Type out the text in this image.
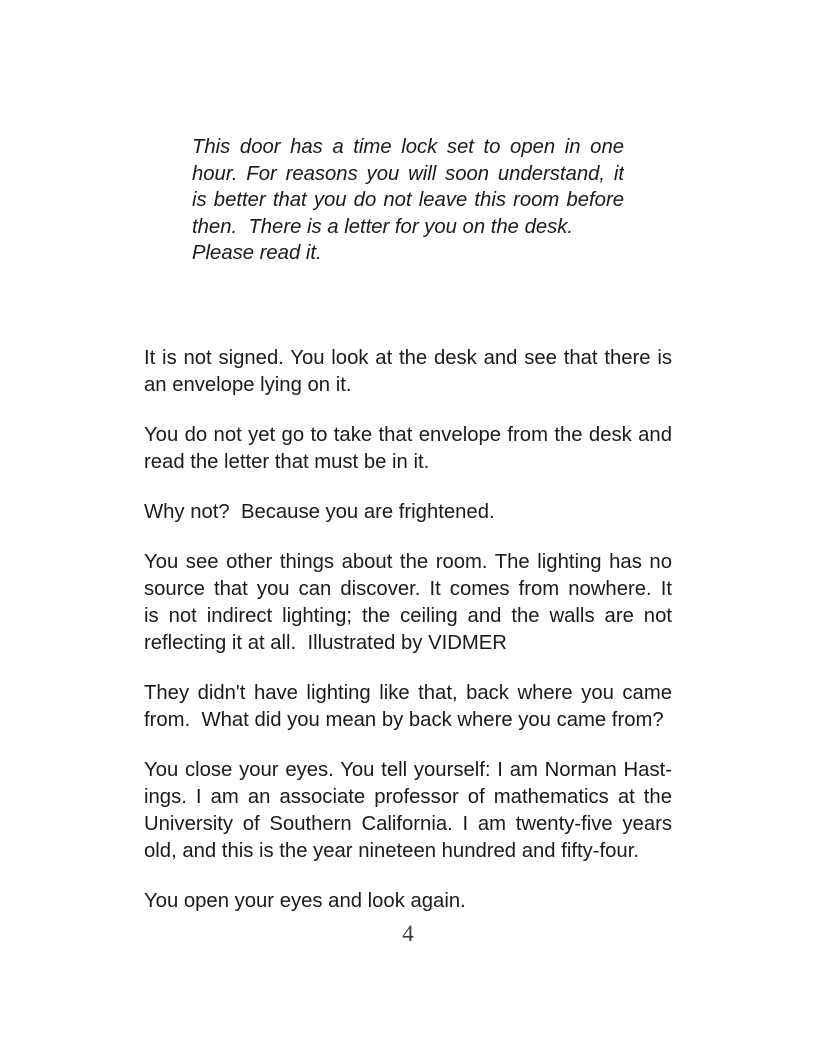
This door has a time lock set to open in one
hour. For reasons you will soon understand, it
is better that you do not leave this room before
then.  There is a letter for you on the desk.
Please read it.
It is not signed. You look at the desk and see that there is
an envelope lying on it.
You do not yet go to take that envelope from the desk and
read the letter that must be in it.
Why not?  Because you are frightened.
You see other things about the room. The lighting has no
source that you can discover. It comes from nowhere. It
is not indirect lighting; the ceiling and the walls are not
reflecting it at all.  Illustrated by VIDMER
They didn't have lighting like that, back where you came
from.  What did you mean by back where you came from?
You close your eyes. You tell yourself: I am Norman Hast-
ings. I am an associate professor of mathematics at the
University of Southern California. I am twenty-five years
old, and this is the year nineteen hundred and fifty-four.
You open your eyes and look again.
4
